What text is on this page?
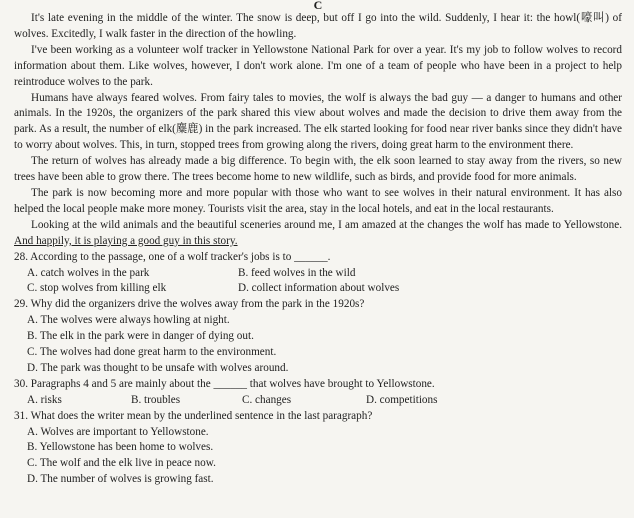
C

It's late evening in the middle of the winter. The snow is deep, but off I go into the wild. Suddenly, I hear it: the howl(嚎叫) of wolves. Excitedly, I walk faster in the direction of the howling.

I've been working as a volunteer wolf tracker in Yellowstone National Park for over a year. It's my job to follow wolves to record information about them. Like wolves, however, I don't work alone. I'm one of a team of people who have been in a project to help reintroduce wolves to the park.

Humans have always feared wolves. From fairy tales to movies, the wolf is always the bad guy — a danger to humans and other animals. In the 1920s, the organizers of the park shared this view about wolves and made the decision to drive them away from the park. As a result, the number of elk(麋鹿) in the park increased. The elk started looking for food near river banks since they didn't have to worry about wolves. This, in turn, stopped trees from growing along the rivers, doing great harm to the environment there.

The return of wolves has already made a big difference. To begin with, the elk soon learned to stay away from the rivers, so new trees have been able to grow there. The trees become home to new wildlife, such as birds, and provide food for more animals.

The park is now becoming more and more popular with those who want to see wolves in their natural environment. It has also helped the local people make more money. Tourists visit the area, stay in the local hotels, and eat in the local restaurants.

Looking at the wild animals and the beautiful sceneries around me, I am amazed at the changes the wolf has made to Yellowstone. And happily, it is playing a good guy in this story.

28. According to the passage, one of a wolf tracker's jobs is to ______.

A. catch wolves in the park	B. feed wolves in the wild
C. stop wolves from killing elk	D. collect information about wolves

29. Why did the organizers drive the wolves away from the park in the 1920s?

A. The wolves were always howling at night.
B. The elk in the park were in danger of dying out.
C. The wolves had done great harm to the environment.
D. The park was thought to be unsafe with wolves around.

30. Paragraphs 4 and 5 are mainly about the ______ that wolves have brought to Yellowstone.

A. risks	B. troubles	C. changes	D. competitions

31. What does the writer mean by the underlined sentence in the last paragraph?

A. Wolves are important to Yellowstone.
B. Yellowstone has been home to wolves.
C. The wolf and the elk live in peace now.
D. The number of wolves is growing fast.
